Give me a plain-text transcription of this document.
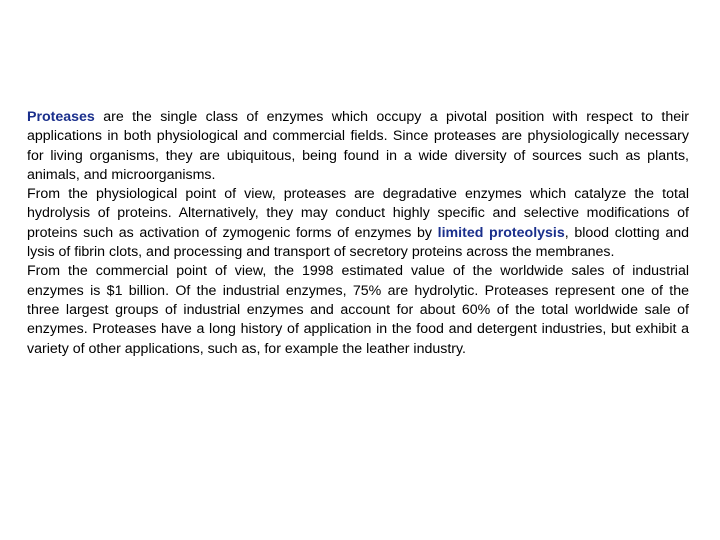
Proteases are the single class of enzymes which occupy a pivotal position with respect to their applications in both physiological and commercial fields. Since proteases are physiologically necessary for living organisms, they are ubiquitous, being found in a wide diversity of sources such as plants, animals, and microorganisms.

From the physiological point of view, proteases are degradative enzymes which catalyze the total hydrolysis of proteins. Alternatively, they may conduct highly specific and selective modifications of proteins such as activation of zymogenic forms of enzymes by limited proteolysis, blood clotting and lysis of fibrin clots, and processing and transport of secretory proteins across the membranes.

From the commercial point of view, the 1998 estimated value of the worldwide sales of industrial enzymes is $1 billion. Of the industrial enzymes, 75% are hydrolytic. Proteases represent one of the three largest groups of industrial enzymes and account for about 60% of the total worldwide sale of enzymes. Proteases have a long history of application in the food and detergent industries, but exhibit a variety of other applications, such as, for example the leather industry.
